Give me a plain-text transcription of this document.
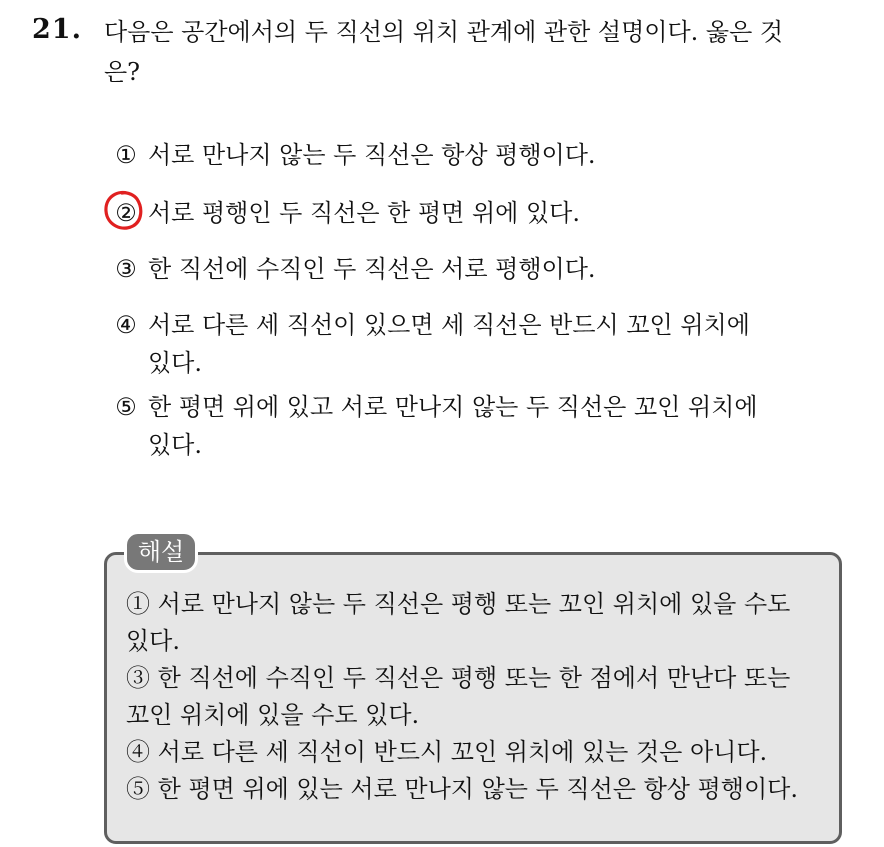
21. 다음은 공간에서의 두 직선의 위치 관계에 관한 설명이다. 옳은 것
은?
① 서로 만나지 않는 두 직선은 항상 평행이다.
② 서로 평행인 두 직선은 한 평면 위에 있다.
③ 한 직선에 수직인 두 직선은 서로 평행이다.
④ 서로 다른 세 직선이 있으면 세 직선은 반드시 꼬인 위치에
있다.
⑤ 한 평면 위에 있고 서로 만나지 않는 두 직선은 꼬인 위치에
있다.
해설
① 서로 만나지 않는 두 직선은 평행 또는 꼬인 위치에 있을 수도
있다.
③ 한 직선에 수직인 두 직선은 평행 또는 한 점에서 만난다 또는
꼬인 위치에 있을 수도 있다.
④ 서로 다른 세 직선이 반드시 꼬인 위치에 있는 것은 아니다.
⑤ 한 평면 위에 있는 서로 만나지 않는 두 직선은 항상 평행이다.
